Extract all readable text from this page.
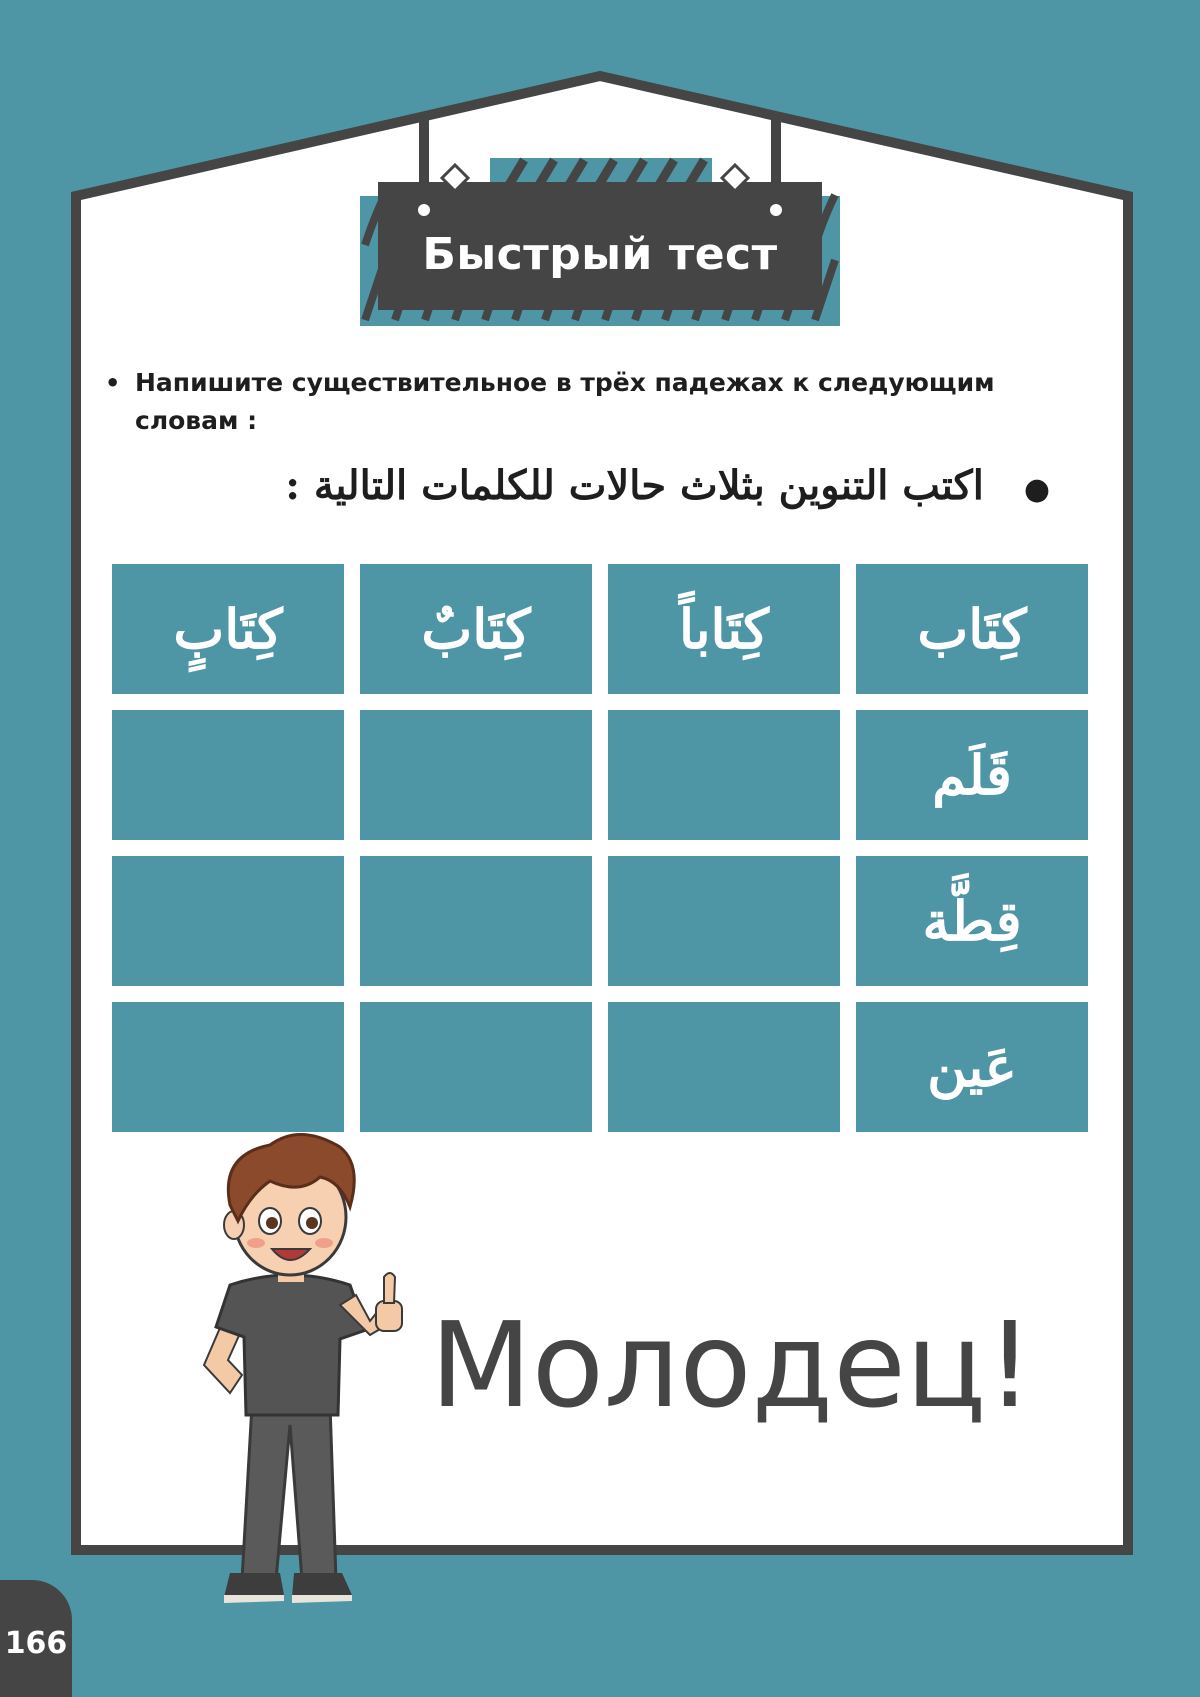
Быстрый тест
• Напишите существительное в трёх падежах к следующим словам :
●اكتب التنوين بثلاث حالات للكلمات التالية :
كِتَاب
كِتَاباً
كِتَابٌ
كِتَابٍ
قَلَم
قِطَّة
عَين
Молодец!
166
